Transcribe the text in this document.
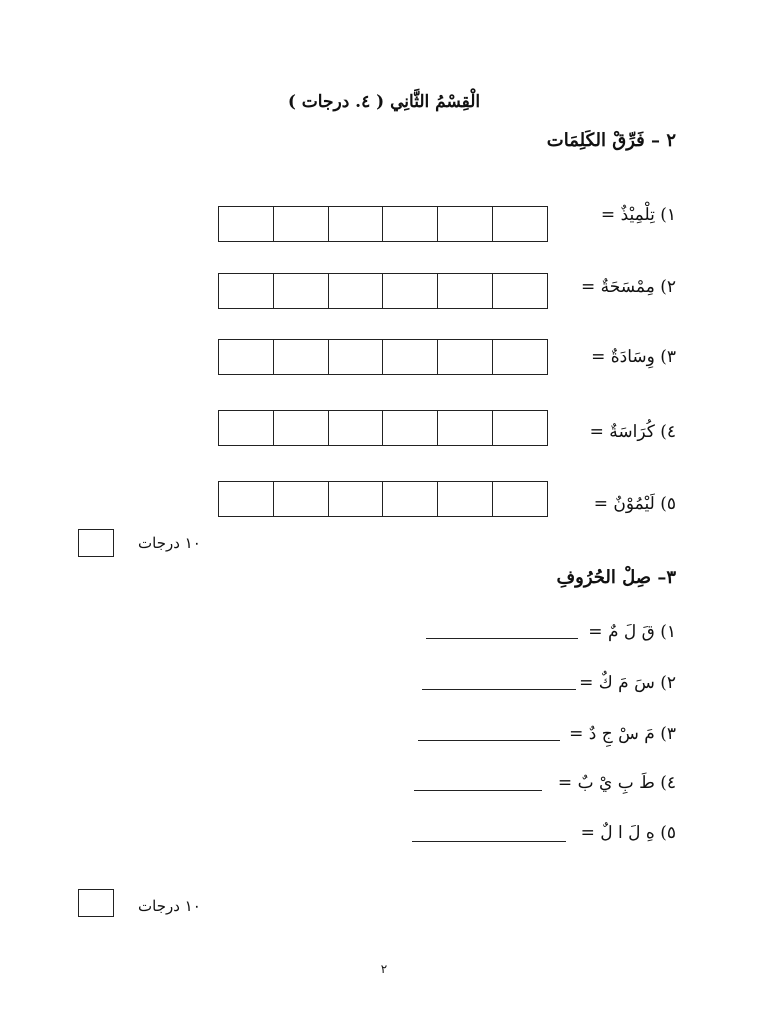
الْقِسْمُ الثَّانِي ( ٤. درجات )
٢ – فَرِّقْ الكَلِمَات
١) تِلْمِيْذٌ =
٢) مِمْسَحَةٌ =
٣) وِسَادَةٌ =
٤) كُرَاسَةٌ =
٥) لَيْمُوْنٌ =
١٠ درجات
٣– صِلْ الحُرُوفِ
١) قَ لَ مٌ =
٢) سَ مَ كٌ =
٣) مَ سْ جِ دٌ =
٤) طَ بِ يْ بٌ =
٥) هِ لَ ا لٌ =
١٠ درجات
٢
